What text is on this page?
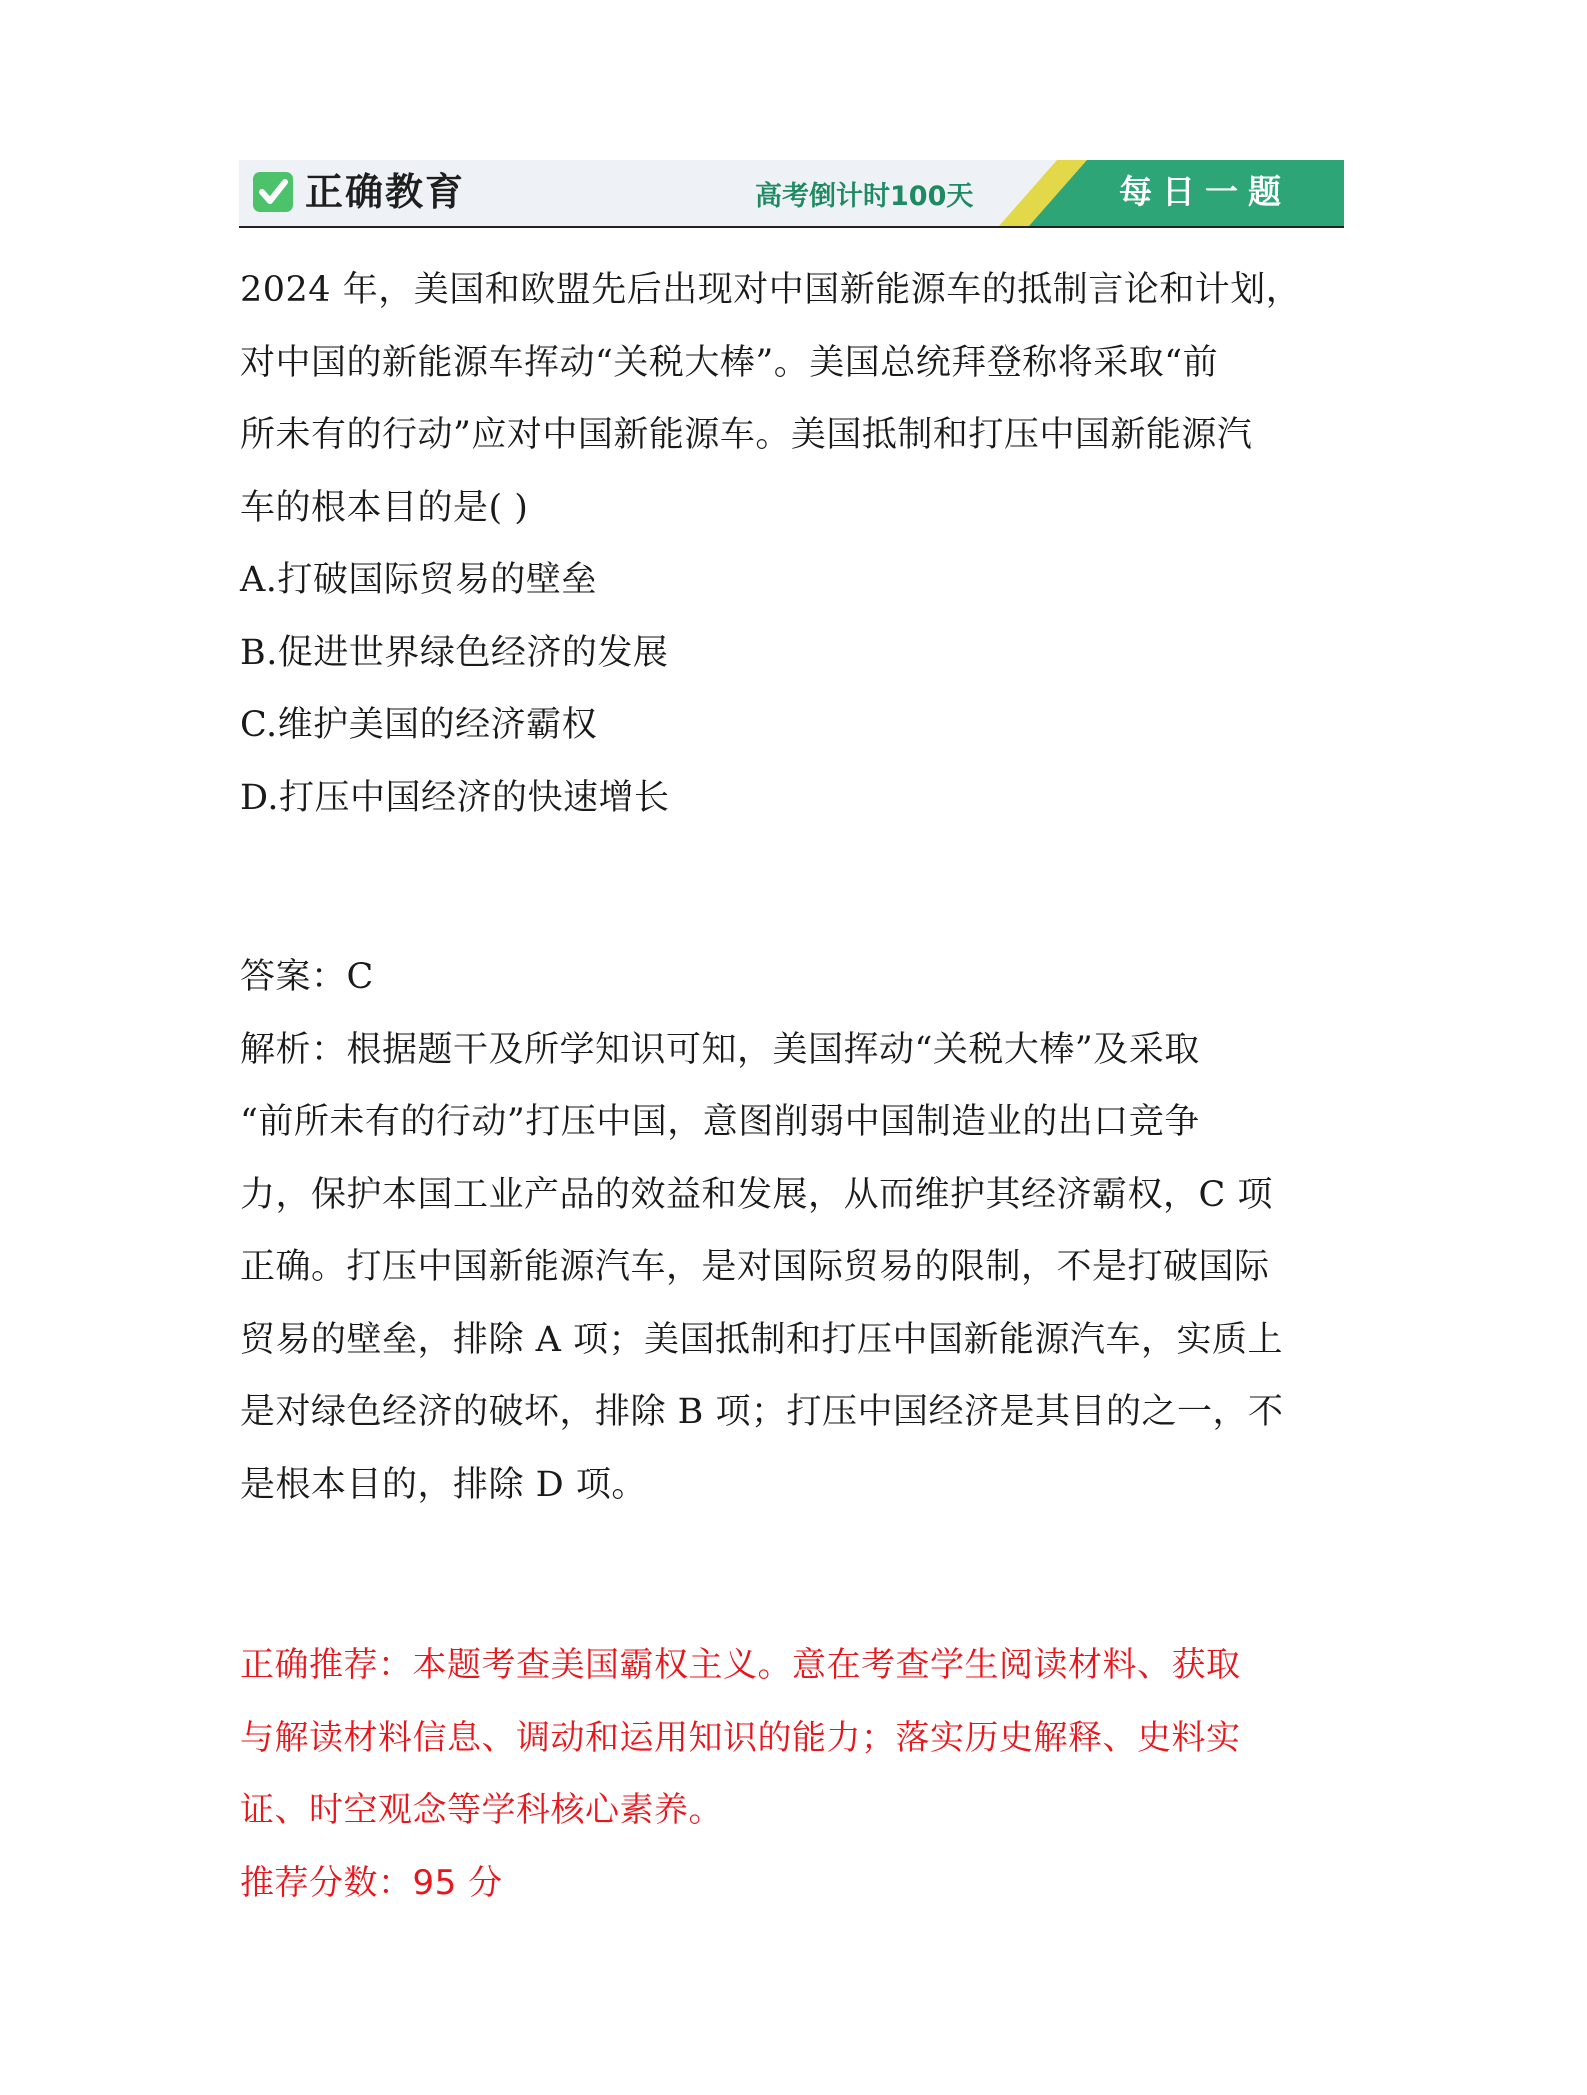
正确教育	高考倒计时100天	每日一题

2024 年，美国和欧盟先后出现对中国新能源车的抵制言论和计划，

对中国的新能源车挥动“关税大棒”。美国总统拜登称将采取“前

所未有的行动”应对中国新能源车。美国抵制和打压中国新能源汽

车的根本目的是( )

A.打破国际贸易的壁垒

B.促进世界绿色经济的发展

C.维护美国的经济霸权

D.打压中国经济的快速增长

答案：C

解析：根据题干及所学知识可知，美国挥动“关税大棒”及采取

“前所未有的行动”打压中国，意图削弱中国制造业的出口竞争

力，保护本国工业产品的效益和发展，从而维护其经济霸权，C 项

正确。打压中国新能源汽车，是对国际贸易的限制，不是打破国际

贸易的壁垒，排除 A 项；美国抵制和打压中国新能源汽车，实质上

是对绿色经济的破坏，排除 B 项；打压中国经济是其目的之一，不

是根本目的，排除 D 项。

正确推荐：本题考查美国霸权主义。意在考查学生阅读材料、获取

与解读材料信息、调动和运用知识的能力；落实历史解释、史料实

证、时空观念等学科核心素养。

推荐分数：95 分
